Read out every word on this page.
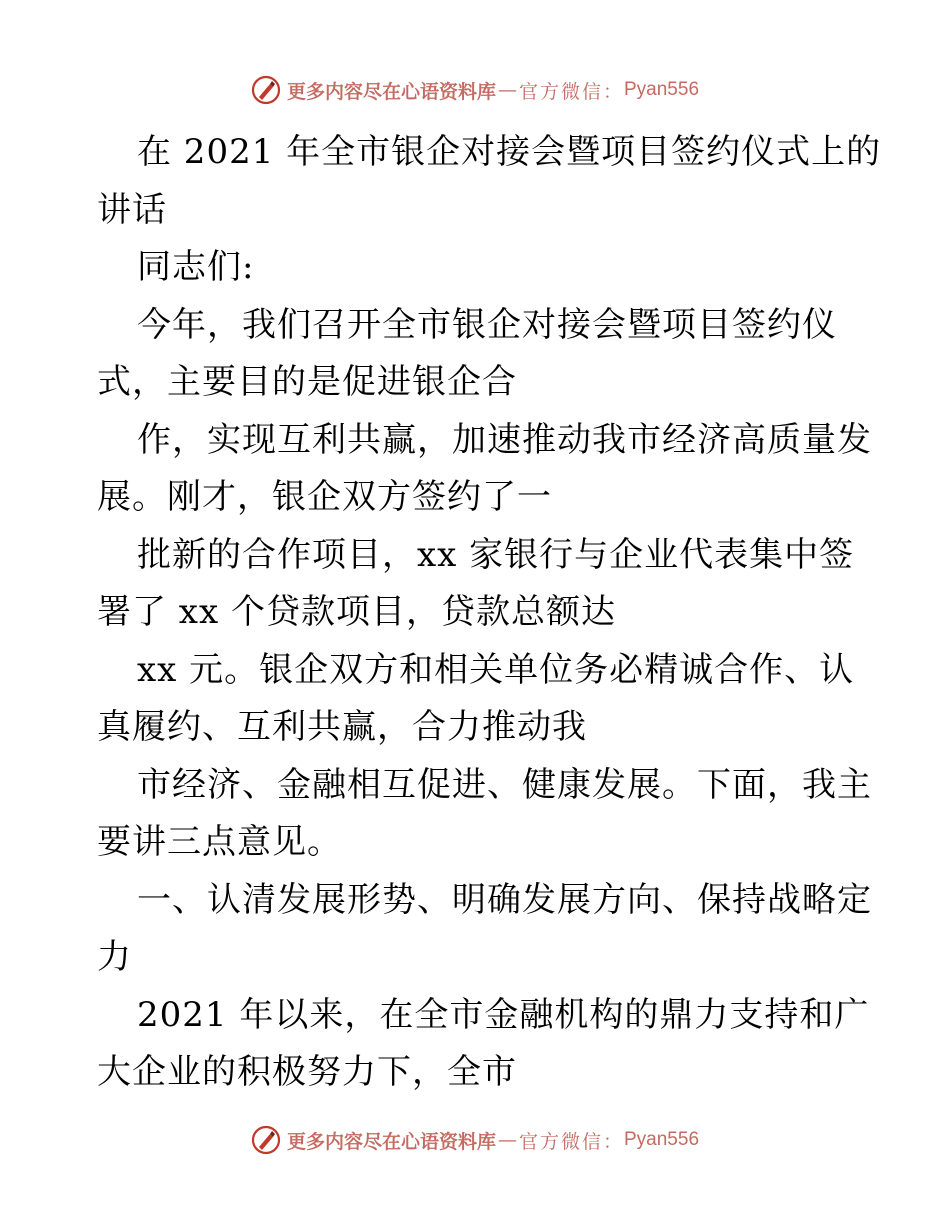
更多内容尽在心语资料库 — 官方微信： Pyan556
在 2021 年全市银企对接会暨项目签约仪式上的
讲话
同志们:
今年，我们召开全市银企对接会暨项目签约仪
式，主要目的是促进银企合
作，实现互利共赢，加速推动我市经济高质量发
展。刚才，银企双方签约了一
批新的合作项目，xx 家银行与企业代表集中签
署了 xx 个贷款项目，贷款总额达
xx 元。银企双方和相关单位务必精诚合作、认
真履约、互利共赢，合力推动我
市经济、金融相互促进、健康发展。下面，我主
要讲三点意见。
一、认清发展形势、明确发展方向、保持战略定
力
2021 年以来，在全市金融机构的鼎力支持和广
大企业的积极努力下，全市
更多内容尽在心语资料库 — 官方微信： Pyan556
